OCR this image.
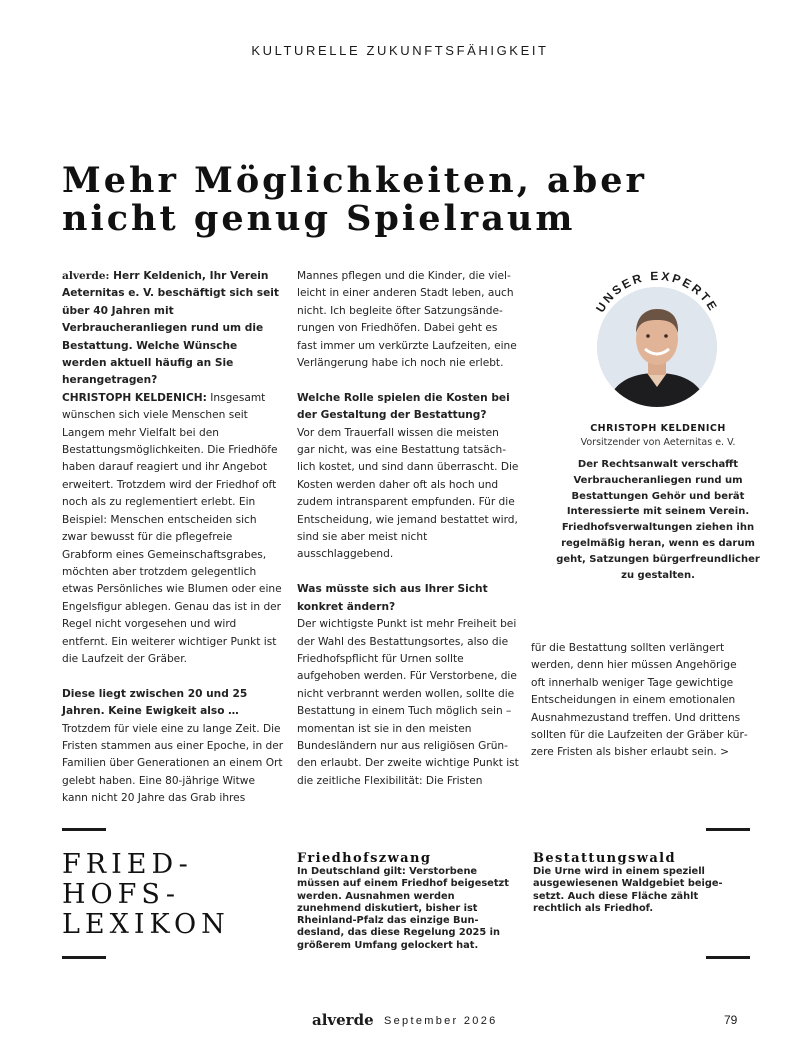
KULTURELLE ZUKUNFTSFÄHIGKEIT
Mehr Möglichkeiten, aber
nicht genug Spielraum

alverde: Herr Keldenich, Ihr Verein Aeternitas e. V. beschäftigt sich seit über 40 Jahren mit Verbraucheranliegen rund um die Bestattung. Welche Wünsche werden aktuell häufig an Sie herangetragen?
CHRISTOPH KELDENICH: Insgesamt wünschen sich viele Menschen seit Langem mehr Vielfalt bei den Bestattungsmöglichkeiten. Die Friedhöfe haben darauf reagiert und ihr Angebot erweitert. Trotzdem wird der Friedhof oft noch als zu reglementiert erlebt. Ein Beispiel: Menschen entscheiden sich zwar bewusst für die pflegefreie Grabform eines Gemeinschaftsgrabes, möchten aber trotzdem gelegentlich etwas Persönliches wie Blumen oder eine Engelsfigur ablegen. Genau das ist in der Regel nicht vorgesehen und wird entfernt. Ein weiterer wichtiger Punkt ist die Laufzeit der Gräber.

Diese liegt zwischen 20 und 25 Jahren. Keine Ewigkeit also …

Trotzdem für viele eine zu lange Zeit. Die Fristen stammen aus einer Epoche, in der Familien über Generationen an einem Ort gelebt haben. Eine 80-jährige Witwe kann nicht 20 Jahre das Grab ihres

Mannes pflegen und die Kinder, die vielleicht in einer anderen Stadt leben, auch nicht. Ich begleite öfter Satzungsänderungen von Friedhöfen. Dabei geht es fast immer um verkürzte Laufzeiten, eine Verlängerung habe ich noch nie erlebt.

Welche Rolle spielen die Kosten bei der Gestaltung der Bestattung?

Vor dem Trauerfall wissen die meisten gar nicht, was eine Bestattung tatsächlich kostet, und sind dann überrascht. Die Kosten werden daher oft als hoch und zudem intransparent empfunden. Für die Entscheidung, wie jemand bestattet wird, sind sie aber meist nicht ausschlaggebend.

Was müsste sich aus Ihrer Sicht konkret ändern?

Der wichtigste Punkt ist mehr Freiheit bei der Wahl des Bestattungsortes, also die Friedhofspflicht für Urnen sollte aufgehoben werden. Für Verstorbene, die nicht verbrannt werden wollen, sollte die Bestattung in einem Tuch möglich sein – momentan ist sie in den meisten Bundesländern nur aus religiösen Gründen erlaubt. Der zweite wichtige Punkt ist die zeitliche Flexibilität: Die Fristen

für die Bestattung sollten verlängert werden, denn hier müssen Angehörige oft innerhalb weniger Tage gewichtige Entscheidungen in einem emotionalen Ausnahmezustand treffen. Und drittens sollten für die Laufzeiten der Gräber kürzere Fristen als bisher erlaubt sein. >

UNSER EXPERTE
CHRISTOPH KELDENICH
Vorsitzender von Aeternitas e. V.
Der Rechtsanwalt verschafft Verbraucheranliegen rund um Bestattungen Gehör und berät Interessierte mit seinem Verein. Friedhofsverwaltungen ziehen ihn regelmäßig heran, wenn es darum geht, Satzungen bürgerfreundlicher zu gestalten.
FRIED-
HOFS-
LEXIKON
Friedhofszwang
In Deutschland gilt: Verstorbene müssen auf einem Friedhof beigesetzt werden. Ausnahmen werden zunehmend diskutiert, bisher ist Rheinland-Pfalz das einzige Bundesland, das diese Regelung 2025 in größerem Umfang gelockert hat.
Bestattungswald
Die Urne wird in einem speziell ausgewiesenen Waldgebiet beigesetzt. Auch diese Fläche zählt rechtlich als Friedhof.
alverde September 2026	79
